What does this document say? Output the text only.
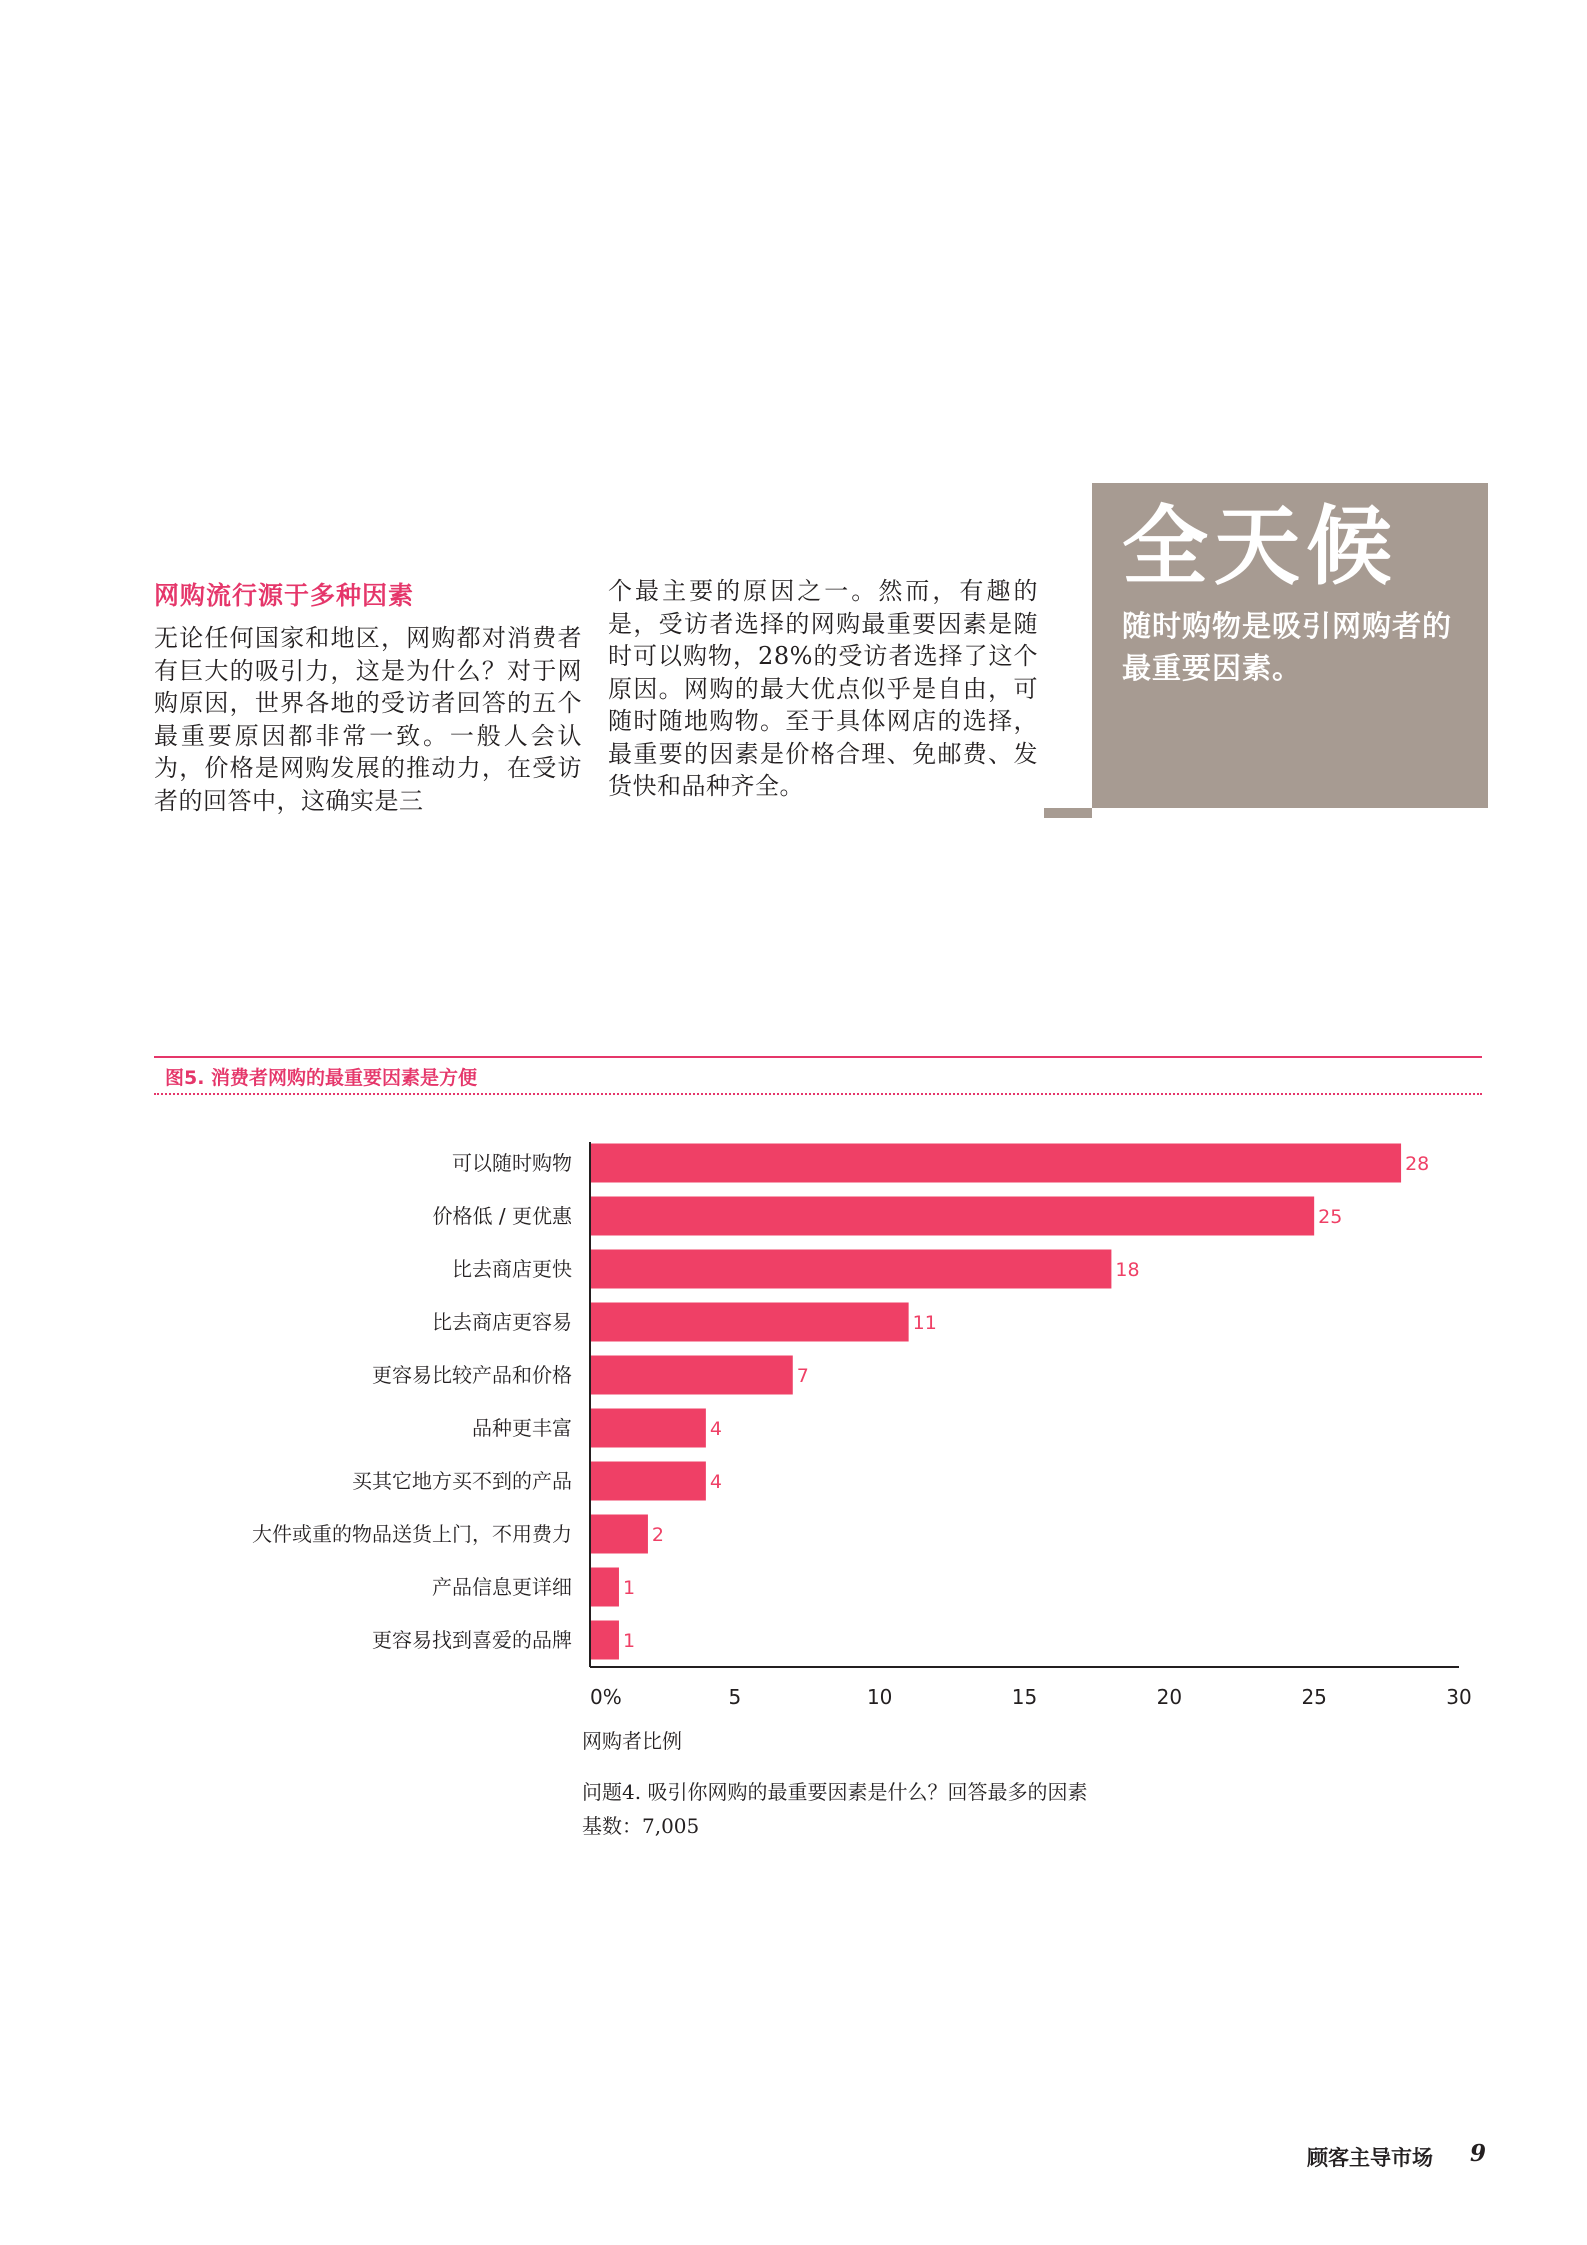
网购流行源于多种因素

无论任何国家和地区，网购都对消费者有巨大的吸引力，这是为什么？对于网购原因，世界各地的受访者回答的五个最重要原因都非常一致。一般人会认为，价格是网购发展的推动力，在受访者的回答中，这确实是三

个最主要的原因之一。然而，有趣的是，受访者选择的网购最重要因素是随时可以购物，28%的受访者选择了这个原因。网购的最大优点似乎是自由，可随时随地购物。至于具体网店的选择，最重要的因素是价格合理、免邮费、发货快和品种齐全。

全天候
随时购物是吸引网购者的最重要因素。
图5. 消费者网购的最重要因素是方便
可以随时购物	28
价格低 / 更优惠	25
比去商店更快	18
比去商店更容易	11
更容易比较产品和价格	7
品种更丰富	4
买其它地方买不到的产品	4
大件或重的物品送货上门，不用费力	2
产品信息更详细	1
更容易找到喜爱的品牌	1
0%	5	10	15	20	25	30
网购者比例
问题4. 吸引你网购的最重要因素是什么？回答最多的因素
基数：7,005
顾客主导市场 9
